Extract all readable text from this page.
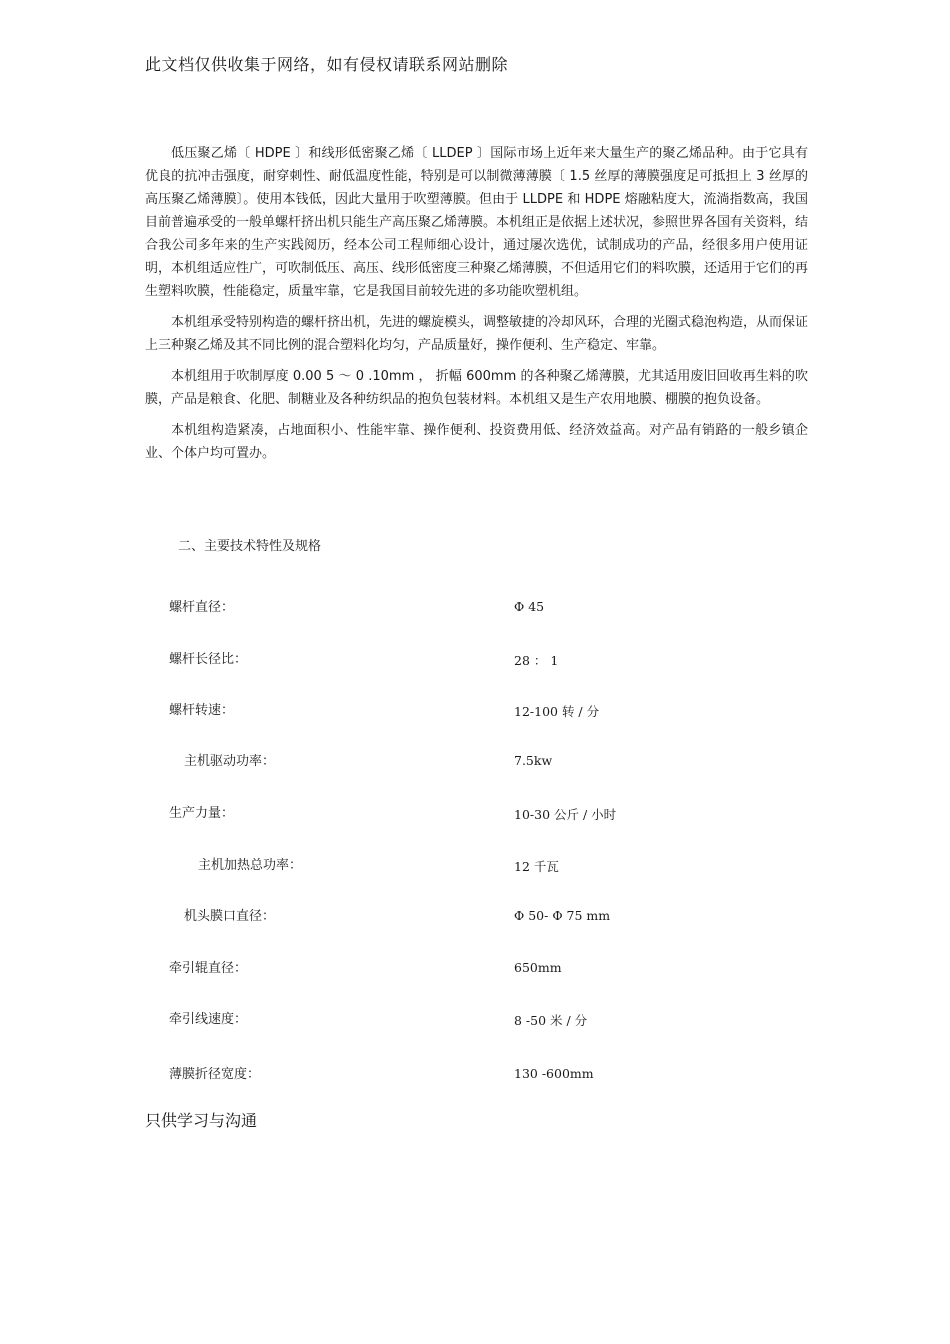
此文档仅供收集于网络，如有侵权请联系网站删除

低压聚乙烯〔 HDPE 〕和线形低密聚乙烯〔 LLDEP 〕国际市场上近年来大量生产的聚乙烯品种。由于它具有优良的抗冲击强度，耐穿刺性、耐低温度性能，特别是可以制微薄薄膜〔 1.5 丝厚的薄膜强度足可抵担上 3 丝厚的高压聚乙烯薄膜〕。使用本钱低，因此大量用于吹塑薄膜。但由于 LLDPE 和 HDPE 熔融粘度大，流淌指数高，我国目前普遍承受的一般单螺杆挤出机只能生产高压聚乙烯薄膜。本机组正是依据上述状况，参照世界各国有关资料，结合我公司多年来的生产实践阅历，经本公司工程师细心设计，通过屡次选优，试制成功的产品，经很多用户使用证明，本机组适应性广，可吹制低压、高压、线形低密度三种聚乙烯薄膜，不但适用它们的料吹膜，还适用于它们的再生塑料吹膜，性能稳定，质量牢靠，它是我国目前较先进的多功能吹塑机组。

本机组承受特别构造的螺杆挤出机，先进的螺旋模头，调整敏捷的冷却风环，合理的光圈式稳泡构造，从而保证上三种聚乙烯及其不同比例的混合塑料化均匀，产品质量好，操作便利、生产稳定、牢靠。

本机组用于吹制厚度 0.00 5 ～ 0 .10mm ， 折幅 600mm 的各种聚乙烯薄膜，尤其适用废旧回收再生料的吹膜，产品是粮食、化肥、制糖业及各种纺织品的抱负包装材料。本机组又是生产农用地膜、棚膜的抱负设备。

本机组构造紧凑，占地面积小、性能牢靠、操作便利、投资费用低、经济效益高。对产品有销路的一般乡镇企业、个体户均可置办。

二、主要技术特性及规格
螺杆直径：	Φ 45
螺杆长径比：	28 ： 1
螺杆转速：	12-100 转 / 分
主机驱动功率：	7.5kw
生产力量：	10-30 公斤 / 小时
主机加热总功率：	12 千瓦
机头膜口直径：	Φ 50- Φ 75 mm
牵引辊直径：	650mm
牵引线速度：	8 -50 米 / 分
薄膜折径宽度：	130 -600mm
只供学习与沟通
